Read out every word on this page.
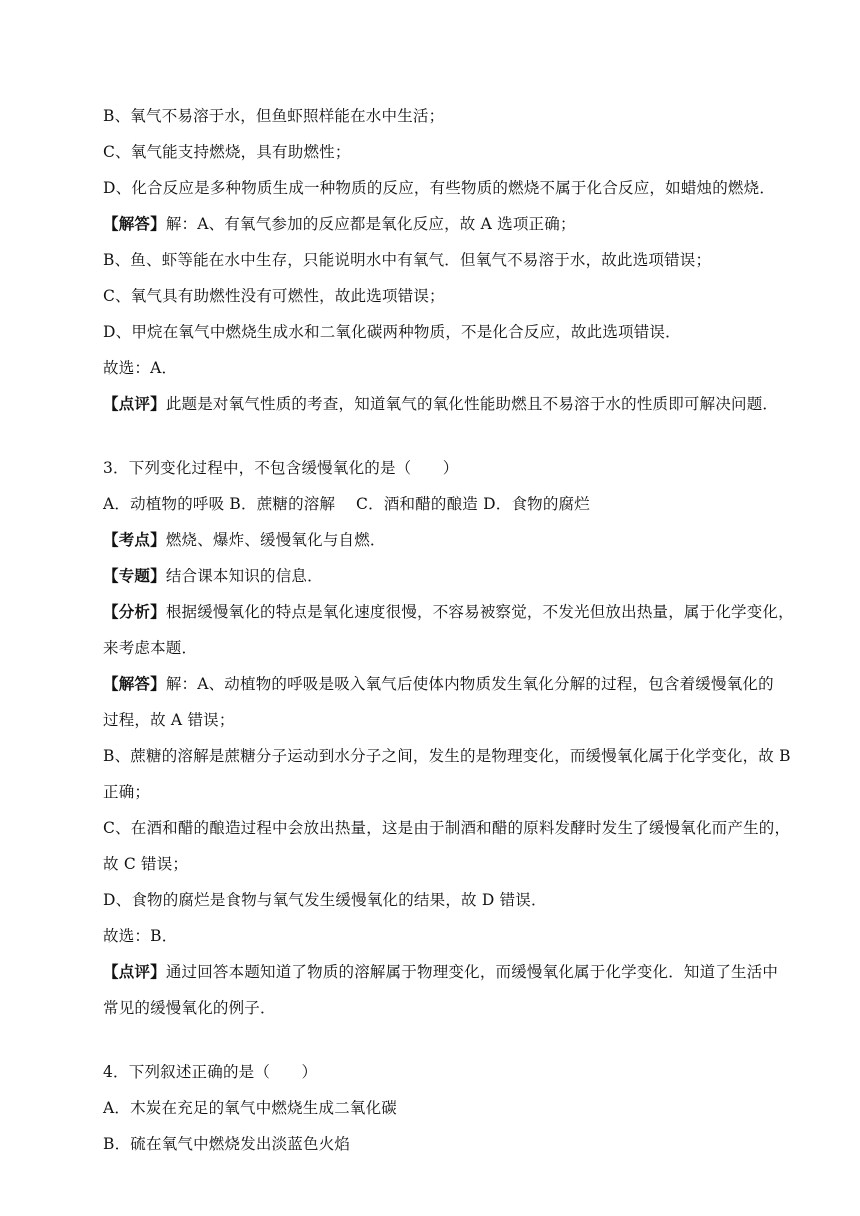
B、氧气不易溶于水，但鱼虾照样能在水中生活；

C、氧气能支持燃烧，具有助燃性；

D、化合反应是多种物质生成一种物质的反应，有些物质的燃烧不属于化合反应，如蜡烛的燃烧．

【解答】解：A、有氧气参加的反应都是氧化反应，故 A 选项正确；

B、鱼、虾等能在水中生存，只能说明水中有氧气．但氧气不易溶于水，故此选项错误；

C、氧气具有助燃性没有可燃性，故此选项错误；

D、甲烷在氧气中燃烧生成水和二氧化碳两种物质，不是化合反应，故此选项错误．

故选：A．

【点评】此题是对氧气性质的考查，知道氧气的氧化性能助燃且不易溶于水的性质即可解决问题．

3．下列变化过程中，不包含缓慢氧化的是（　　）

A．动植物的呼吸 B．蔗糖的溶解　 C．酒和醋的酿造 D．食物的腐烂

【考点】燃烧、爆炸、缓慢氧化与自燃．

【专题】结合课本知识的信息．

【分析】根据缓慢氧化的特点是氧化速度很慢，不容易被察觉，不发光但放出热量，属于化学变化，

来考虑本题．

【解答】解：A、动植物的呼吸是吸入氧气后使体内物质发生氧化分解的过程，包含着缓慢氧化的

过程，故 A 错误；

B、蔗糖的溶解是蔗糖分子运动到水分子之间，发生的是物理变化，而缓慢氧化属于化学变化，故 B

正确；

C、在酒和醋的酿造过程中会放出热量，这是由于制酒和醋的原料发酵时发生了缓慢氧化而产生的，

故 C 错误；

D、食物的腐烂是食物与氧气发生缓慢氧化的结果，故 D 错误．

故选：B．

【点评】通过回答本题知道了物质的溶解属于物理变化，而缓慢氧化属于化学变化．知道了生活中

常见的缓慢氧化的例子．

4．下列叙述正确的是（　　）

A．木炭在充足的氧气中燃烧生成二氧化碳

B．硫在氧气中燃烧发出淡蓝色火焰
